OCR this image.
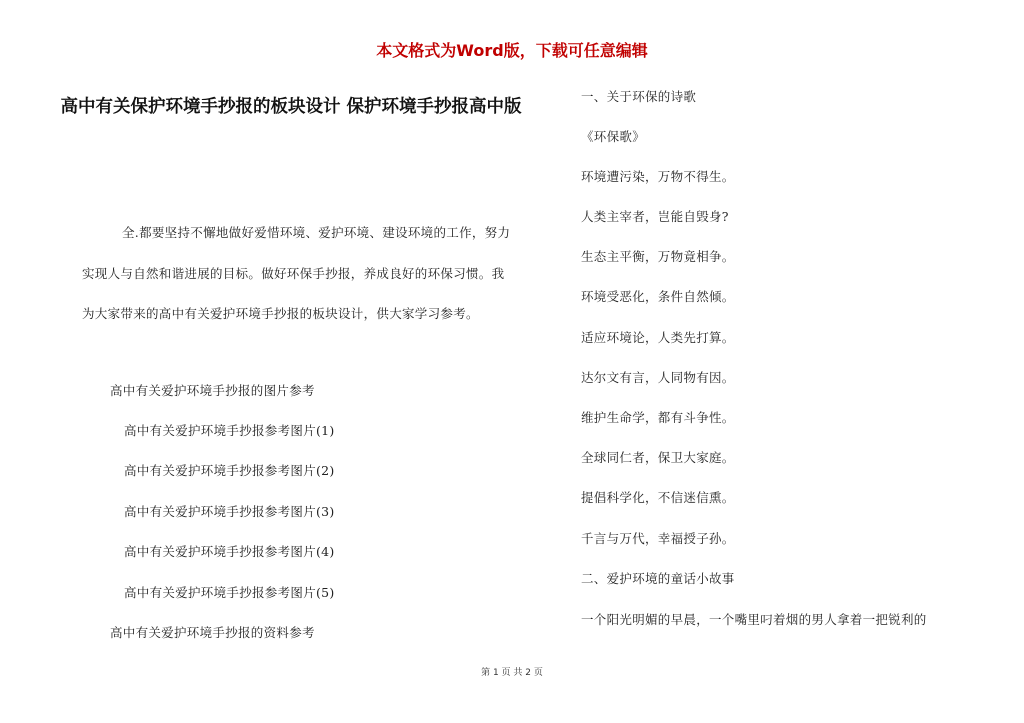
本文格式为Word版，下载可任意编辑
高中有关保护环境手抄报的板块设计 保护环境手抄报高中版
全.都要坚持不懈地做好爱惜环境、爱护环境、建设环境的工作，努力实现人与自然和谐进展的目标。做好环保手抄报，养成良好的环保习惯。我为大家带来的高中有关爱护环境手抄报的板块设计，供大家学习参考。
高中有关爱护环境手抄报的图片参考
高中有关爱护环境手抄报参考图片(1)
高中有关爱护环境手抄报参考图片(2)
高中有关爱护环境手抄报参考图片(3)
高中有关爱护环境手抄报参考图片(4)
高中有关爱护环境手抄报参考图片(5)
高中有关爱护环境手抄报的资料参考
一、关于环保的诗歌
《环保歌》
环境遭污染，万物不得生。
人类主宰者，岂能自毁身?
生态主平衡，万物竟相争。
环境受恶化，条件自然倾。
适应环境论，人类先打算。
达尔文有言，人同物有因。
维护生命学，都有斗争性。
全球同仁者，保卫大家庭。
提倡科学化，不信迷信熏。
千言与万代，幸福授子孙。
二、爱护环境的童话小故事
一个阳光明媚的早晨，一个嘴里叼着烟的男人拿着一把锐利的
第 1 页 共 2 页
